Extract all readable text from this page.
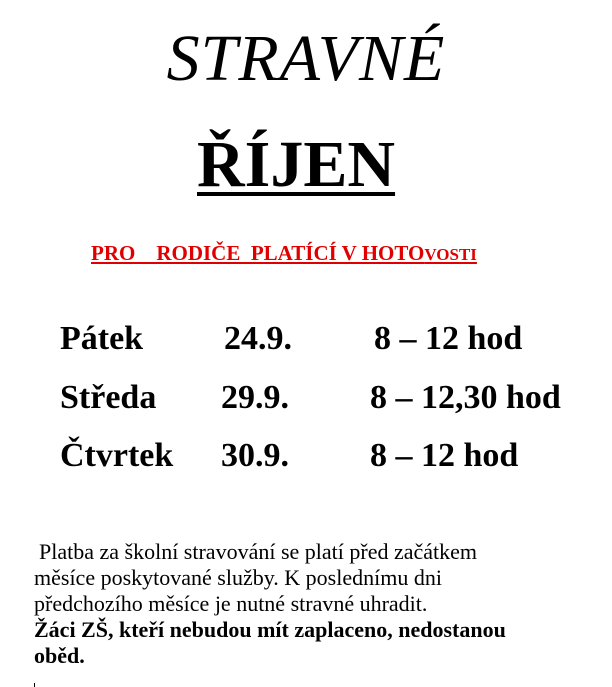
STRAVNÉ
ŘÍJEN
PRO    RODIČE  PLATÍCÍ V HOTOVOSTI

Pátek

24.9.

8 – 12 hod

Středa

29.9.

8 – 12,30 hod

Čtvrtek

30.9.

8 – 12 hod

Platba za školní stravování se platí před začátkem
měsíce poskytované služby. K poslednímu dni
předchozího měsíce je nutné stravné uhradit.
Žáci ZŠ, kteří nebudou mít zaplaceno, nedostanou
oběd.
